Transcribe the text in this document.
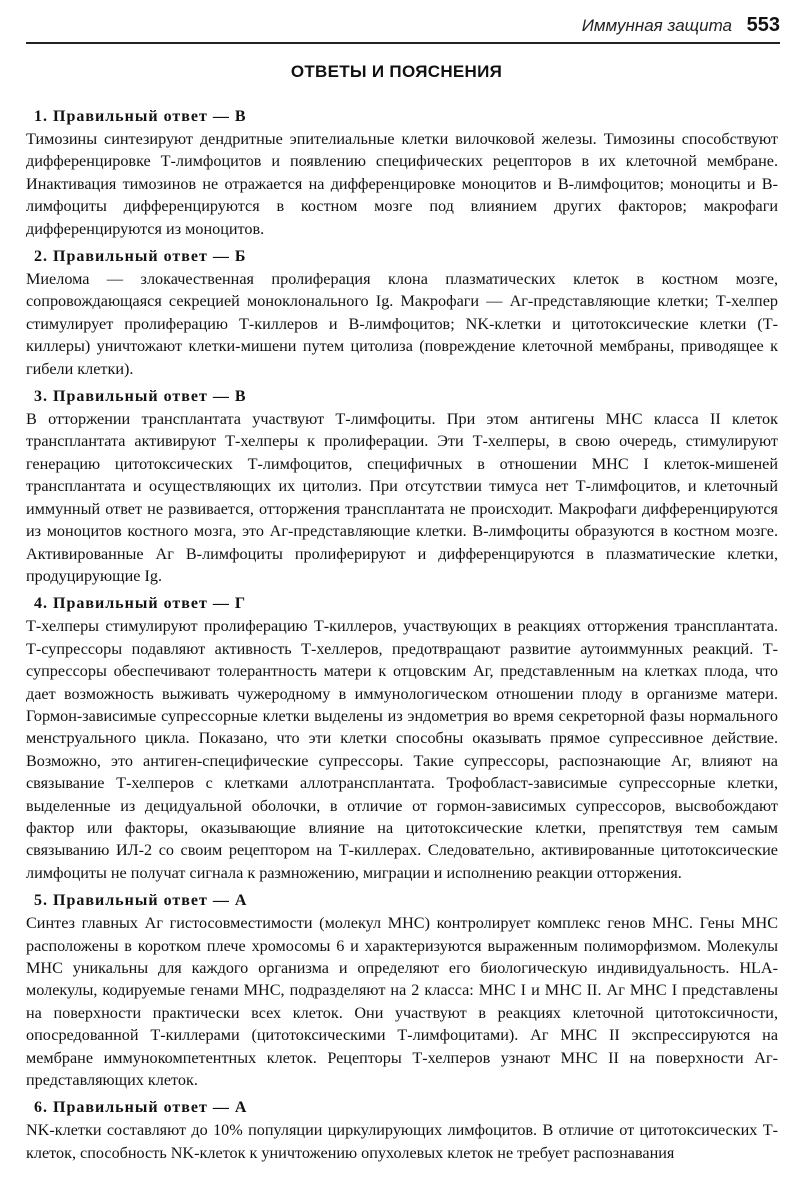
Иммунная защита 553
ОТВЕТЫ И ПОЯСНЕНИЯ
1. Правильный ответ — В

Тимозины синтезируют дендритные эпителиальные клетки вилочковой железы. Тимозины способствуют дифференцировке Т-лимфоцитов и появлению специфических рецепторов в их клеточной мембране. Инактивация тимозинов не отражается на дифференцировке моноцитов и В-лимфоцитов; моноциты и В-лимфоциты дифференцируются в костном мозге под влиянием других факторов; макрофаги дифференцируются из моноцитов.

2. Правильный ответ — Б

Миелома — злокачественная пролиферация клона плазматических клеток в костном мозге, сопровождающаяся секрецией моноклонального Ig. Макрофаги — Аг-представляющие клетки; Т-хелпер стимулирует пролиферацию Т-киллеров и В-лимфоцитов; NK-клетки и цитотоксические клетки (Т-киллеры) уничтожают клетки-мишени путем цитолиза (повреждение клеточной мембраны, приводящее к гибели клетки).

3. Правильный ответ — В

В отторжении трансплантата участвуют Т-лимфоциты. При этом антигены МНС класса II клеток трансплантата активируют Т-хелперы к пролиферации. Эти Т-хелперы, в свою очередь, стимулируют генерацию цитотоксических Т-лимфоцитов, специфичных в отношении МНС I клеток-мишеней трансплантата и осуществляющих их цитолиз. При отсутствии тимуса нет Т-лимфоцитов, и клеточный иммунный ответ не развивается, отторжения трансплантата не происходит. Макрофаги дифференцируются из моноцитов костного мозга, это Аг-представляющие клетки. В-лимфоциты образуются в костном мозге. Активированные Аг В-лимфоциты пролиферируют и дифференцируются в плазматические клетки, продуцирующие Ig.

4. Правильный ответ — Г

Т-хелперы стимулируют пролиферацию Т-киллеров, участвующих в реакциях отторжения трансплантата. Т-супрессоры подавляют активность Т-хеллеров, предотвращают развитие аутоиммунных реакций. Т-супрессоры обеспечивают толерантность матери к отцовским Аг, представленным на клетках плода, что дает возможность выживать чужеродному в иммунологическом отношении плоду в организме матери. Гормон-зависимые супрессорные клетки выделены из эндометрия во время секреторной фазы нормального менструального цикла. Показано, что эти клетки способны оказывать прямое супрессивное действие. Возможно, это антиген-специфические супрессоры. Такие супрессоры, распознающие Аг, влияют на связывание Т-хелперов с клетками аллотрансплантата. Трофобласт-зависимые супрессорные клетки, выделенные из децидуальной оболочки, в отличие от гормон-зависимых супрессоров, высвобождают фактор или факторы, оказывающие влияние на цитотоксические клетки, препятствуя тем самым связыванию ИЛ-2 со своим рецептором на Т-киллерах. Следовательно, активированные цитотоксические лимфоциты не получат сигнала к размножению, миграции и исполнению реакции отторжения.

5. Правильный ответ — А

Синтез главных Аг гистосовместимости (молекул МНС) контролирует комплекс генов МНС. Гены МНС расположены в коротком плече хромосомы 6 и характеризуются выраженным полиморфизмом. Молекулы МНС уникальны для каждого организма и определяют его биологическую индивидуальность. HLA-молекулы, кодируемые генами МНС, подразделяют на 2 класса: МНС I и МНС II. Аг МНС I представлены на поверхности практически всех клеток. Они участвуют в реакциях клеточной цитотоксичности, опосредованной Т-киллерами (цитотоксическими Т-лимфоцитами). Аг МНС II экспрессируются на мембране иммунокомпетентных клеток. Рецепторы Т-хелперов узнают МНС II на поверхности Аг-представляющих клеток.

6. Правильный ответ — А

NK-клетки составляют до 10% популяции циркулирующих лимфоцитов. В отличие от цитотоксических Т-клеток, способность NK-клеток к уничтожению опухолевых клеток не требует распознавания
